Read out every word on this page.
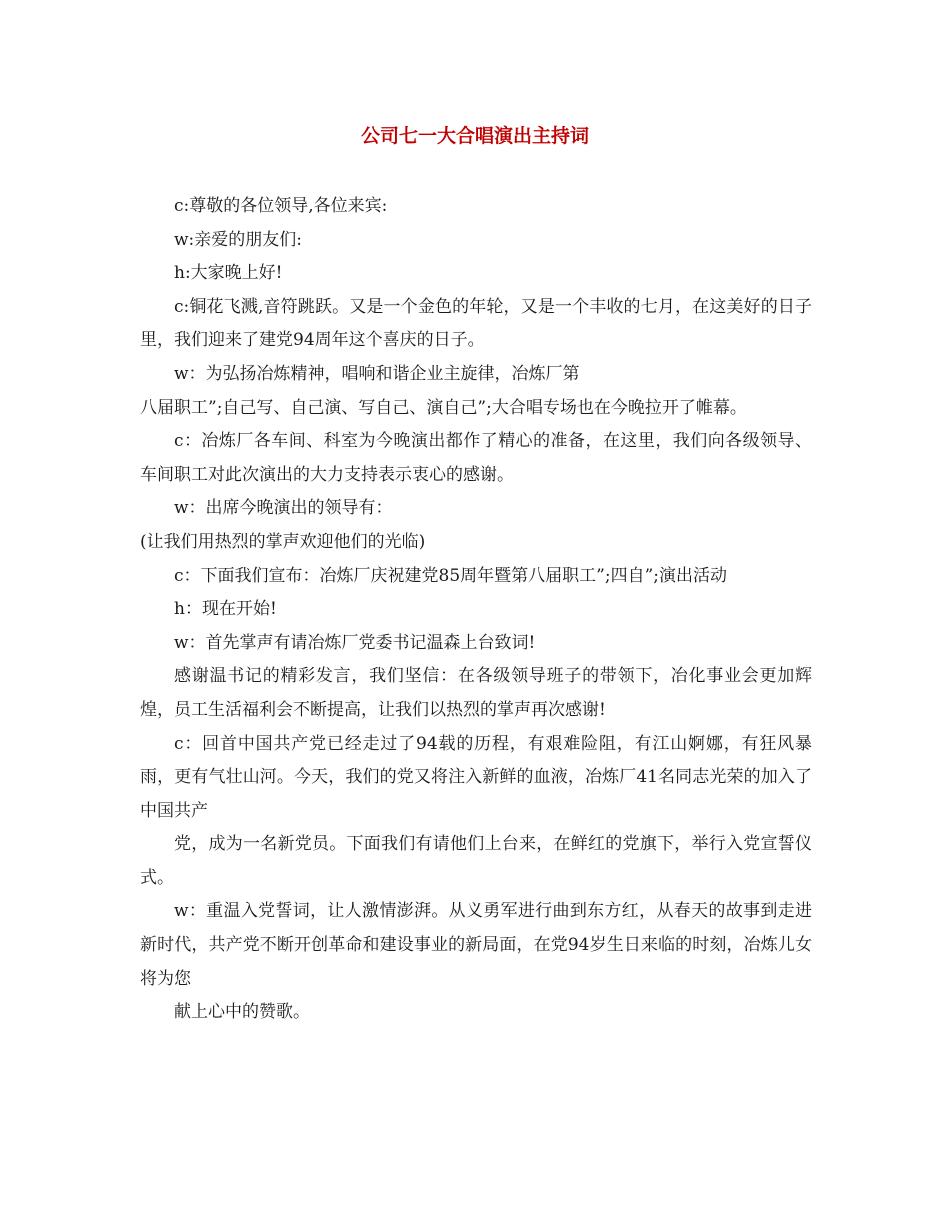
公司七一大合唱演出主持词

c:尊敬的各位领导,各位来宾:

w:亲爱的朋友们:

h:大家晚上好!

c:铜花飞溅,音符跳跃。又是一个金色的年轮，又是一个丰收的七月，在这美好的日子里，我们迎来了建党94周年这个喜庆的日子。

w：为弘扬冶炼精神，唱响和谐企业主旋律，冶炼厂第

八届职工”;自己写、自己演、写自己、演自己”;大合唱专场也在今晚拉开了帷幕。

c：冶炼厂各车间、科室为今晚演出都作了精心的准备，在这里，我们向各级领导、车间职工对此次演出的大力支持表示衷心的感谢。

w：出席今晚演出的领导有：

(让我们用热烈的掌声欢迎他们的光临)

c：下面我们宣布：冶炼厂庆祝建党85周年暨第八届职工”;四自”;演出活动

h：现在开始!

w：首先掌声有请冶炼厂党委书记温森上台致词!

感谢温书记的精彩发言，我们坚信：在各级领导班子的带领下，冶化事业会更加辉煌，员工生活福利会不断提高，让我们以热烈的掌声再次感谢!

c：回首中国共产党已经走过了94载的历程，有艰难险阻，有江山婀娜，有狂风暴雨，更有气壮山河。今天，我们的党又将注入新鲜的血液，冶炼厂41名同志光荣的加入了中国共产

党，成为一名新党员。下面我们有请他们上台来，在鲜红的党旗下，举行入党宣誓仪式。

w：重温入党誓词，让人激情澎湃。从义勇军进行曲到东方红，从春天的故事到走进新时代，共产党不断开创革命和建设事业的新局面，在党94岁生日来临的时刻，冶炼儿女将为您

献上心中的赞歌。
